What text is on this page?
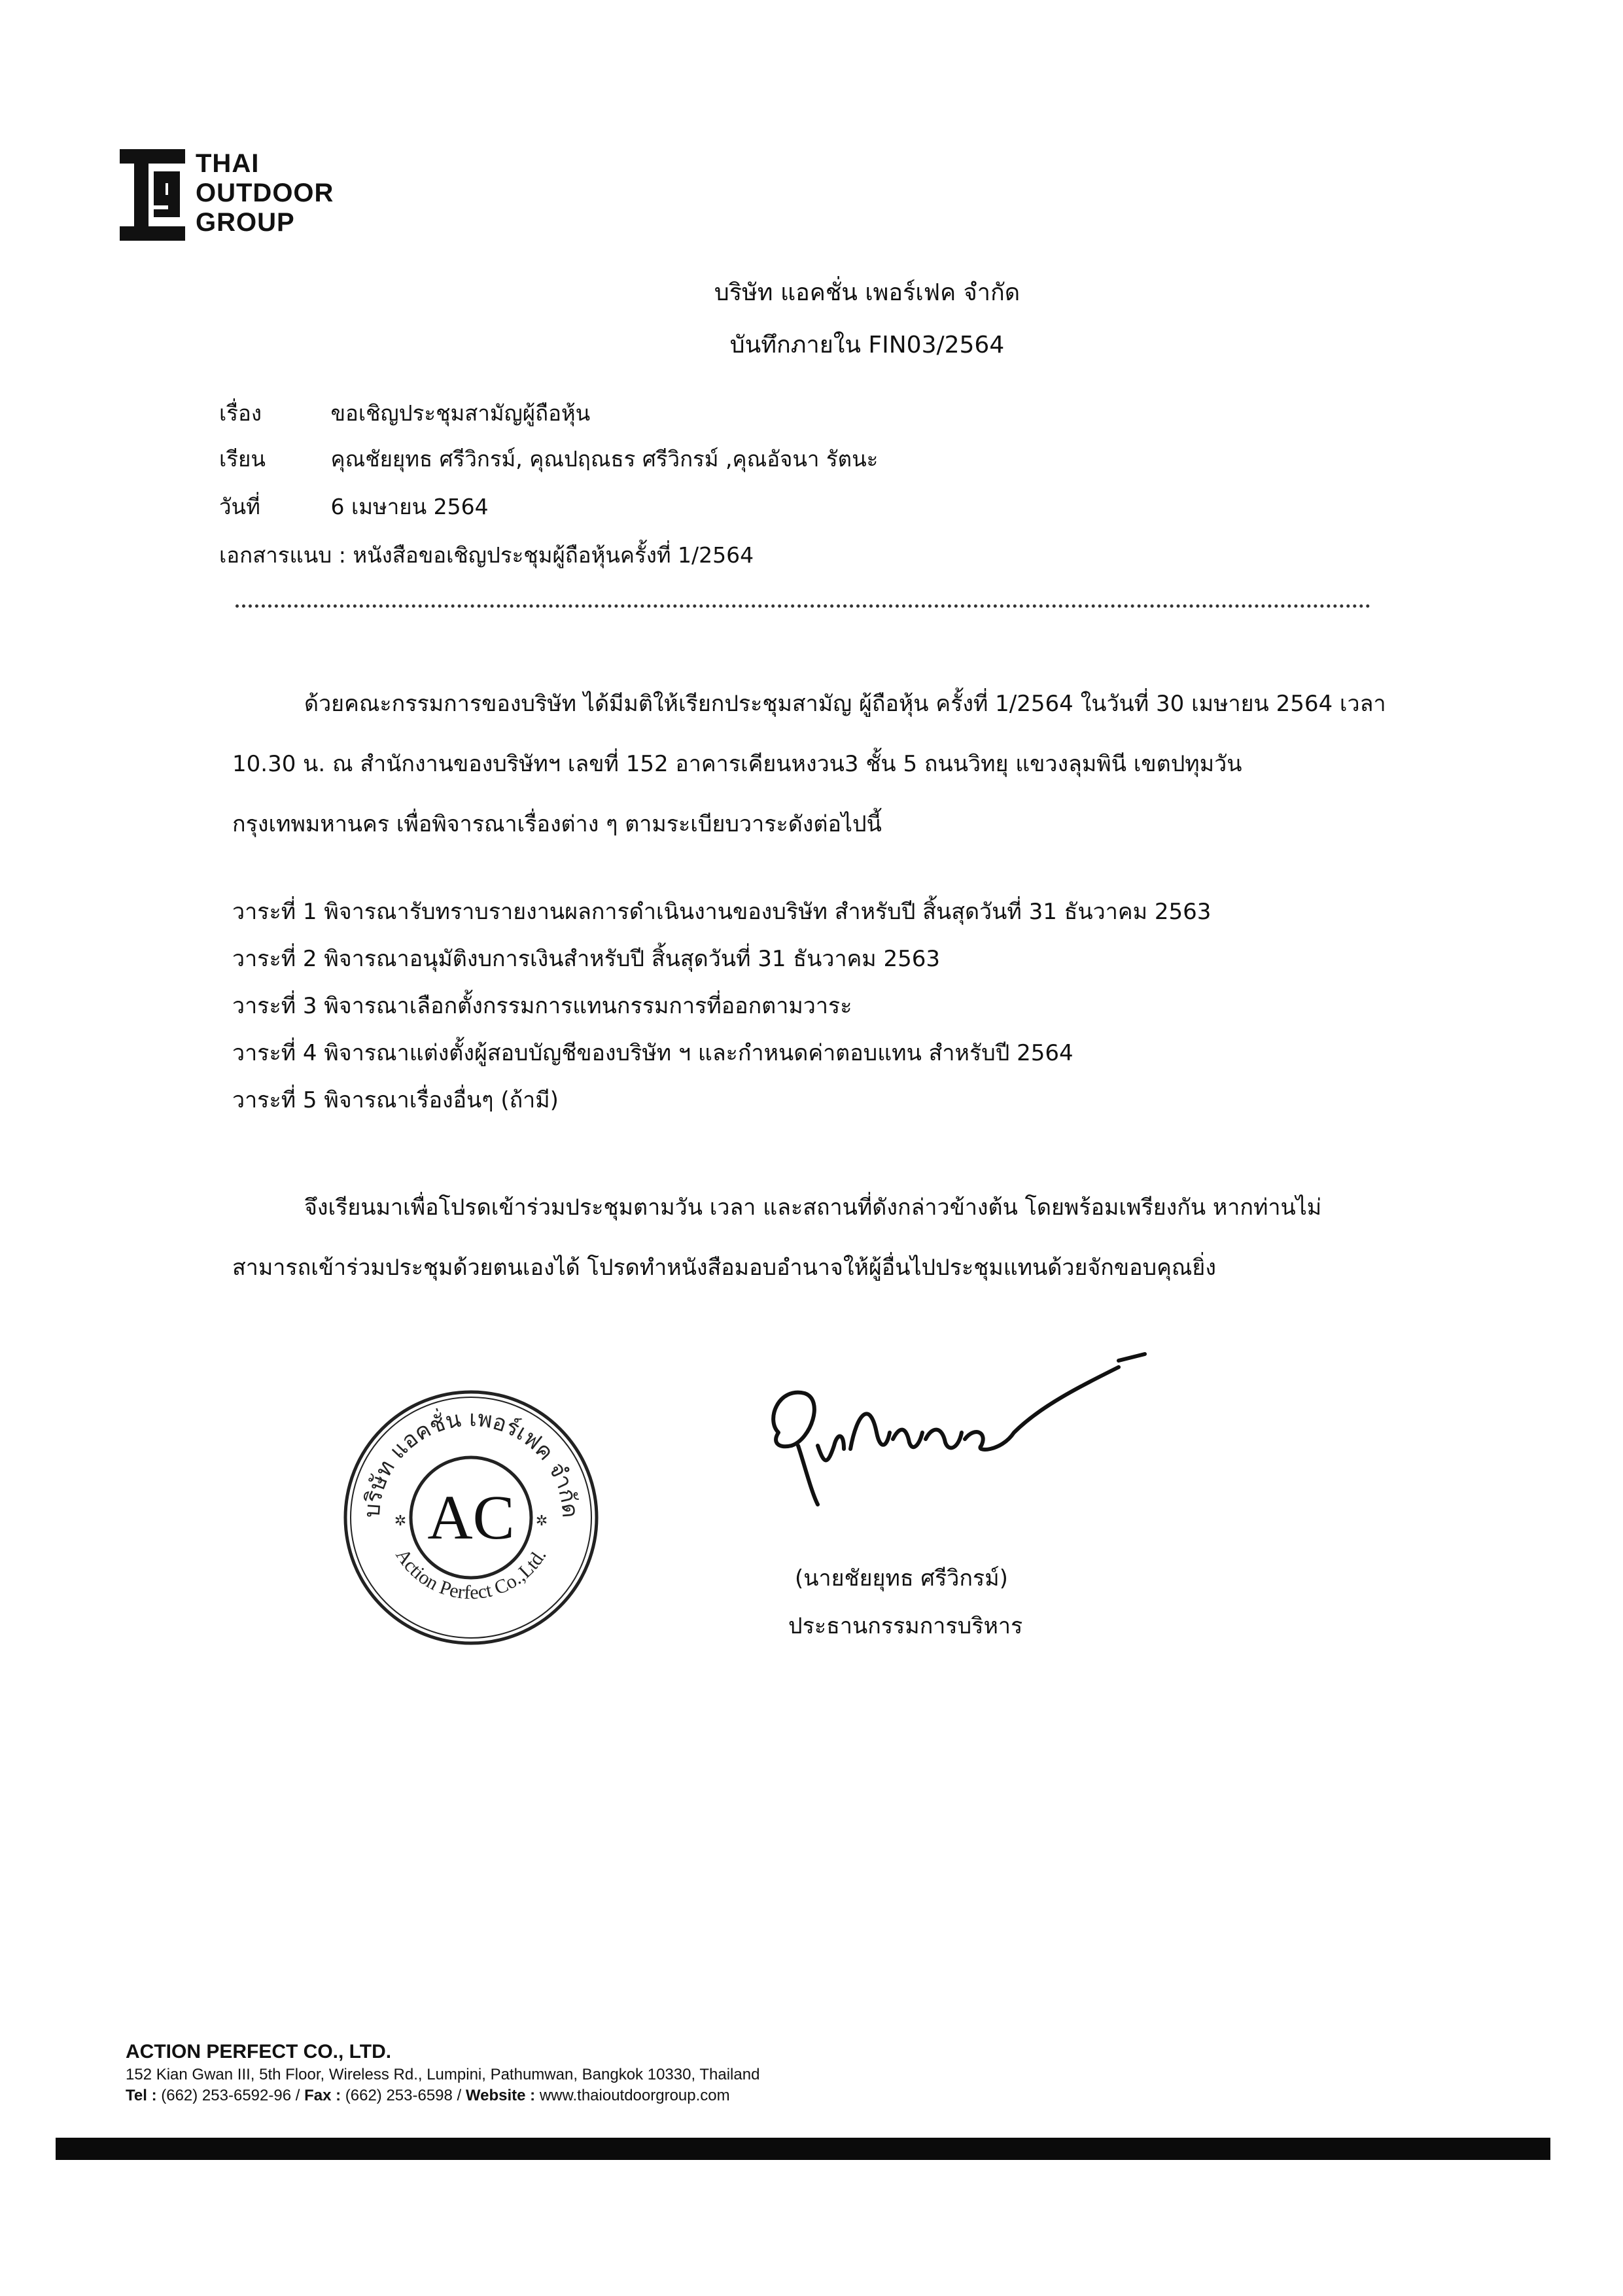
THAI
OUTDOOR
GROUP
บริษัท แอคชั่น เพอร์เฟค จำกัด
บันทึกภายใน FIN03/2564
เรื่อง	ขอเชิญประชุมสามัญผู้ถือหุ้น
เรียน	คุณชัยยุทธ ศรีวิกรม์, คุณปฤณธร ศรีวิกรม์ ,คุณอัจนา รัตนะ
วันที่	6 เมษายน 2564
เอกสารแนบ : หนังสือขอเชิญประชุมผู้ถือหุ้นครั้งที่ 1/2564
ด้วยคณะกรรมการของบริษัท ได้มีมติให้เรียกประชุมสามัญ ผู้ถือหุ้น ครั้งที่ 1/2564 ในวันที่ 30 เมษายน 2564 เวลา 10.30 น. ณ สำนักงานของบริษัทฯ เลขที่ 152 อาคารเคียนหงวน3 ชั้น 5 ถนนวิทยุ แขวงลุมพินี เขตปทุมวัน กรุงเทพมหานคร เพื่อพิจารณาเรื่องต่าง ๆ ตามระเบียบวาระดังต่อไปนี้
วาระที่ 1 พิจารณารับทราบรายงานผลการดำเนินงานของบริษัท สำหรับปี สิ้นสุดวันที่ 31 ธันวาคม 2563
วาระที่ 2 พิจารณาอนุมัติงบการเงินสำหรับปี สิ้นสุดวันที่ 31 ธันวาคม 2563
วาระที่ 3 พิจารณาเลือกตั้งกรรมการแทนกรรมการที่ออกตามวาระ
วาระที่ 4 พิจารณาแต่งตั้งผู้สอบบัญชีของบริษัท ฯ และกำหนดค่าตอบแทน สำหรับปี 2564
วาระที่ 5 พิจารณาเรื่องอื่นๆ (ถ้ามี)
จึงเรียนมาเพื่อโปรดเข้าร่วมประชุมตามวัน เวลา และสถานที่ดังกล่าวข้างต้น โดยพร้อมเพรียงกัน หากท่านไม่สามารถเข้าร่วมประชุมด้วยตนเองได้ โปรดทำหนังสือมอบอำนาจให้ผู้อื่นไปประชุมแทนด้วยจักขอบคุณยิ่ง
บริษัท แอคชั่น เพอร์เฟค จำกัด
Action Perfect Co.,Ltd.
AC
✲	✲
(นายชัยยุทธ ศรีวิกรม์)
ประธานกรรมการบริหาร
ACTION PERFECT CO., LTD.
152 Kian Gwan III, 5th Floor, Wireless Rd., Lumpini, Pathumwan, Bangkok 10330, Thailand
Tel : (662) 253-6592-96 / Fax : (662) 253-6598 / Website : www.thaioutdoorgroup.com
